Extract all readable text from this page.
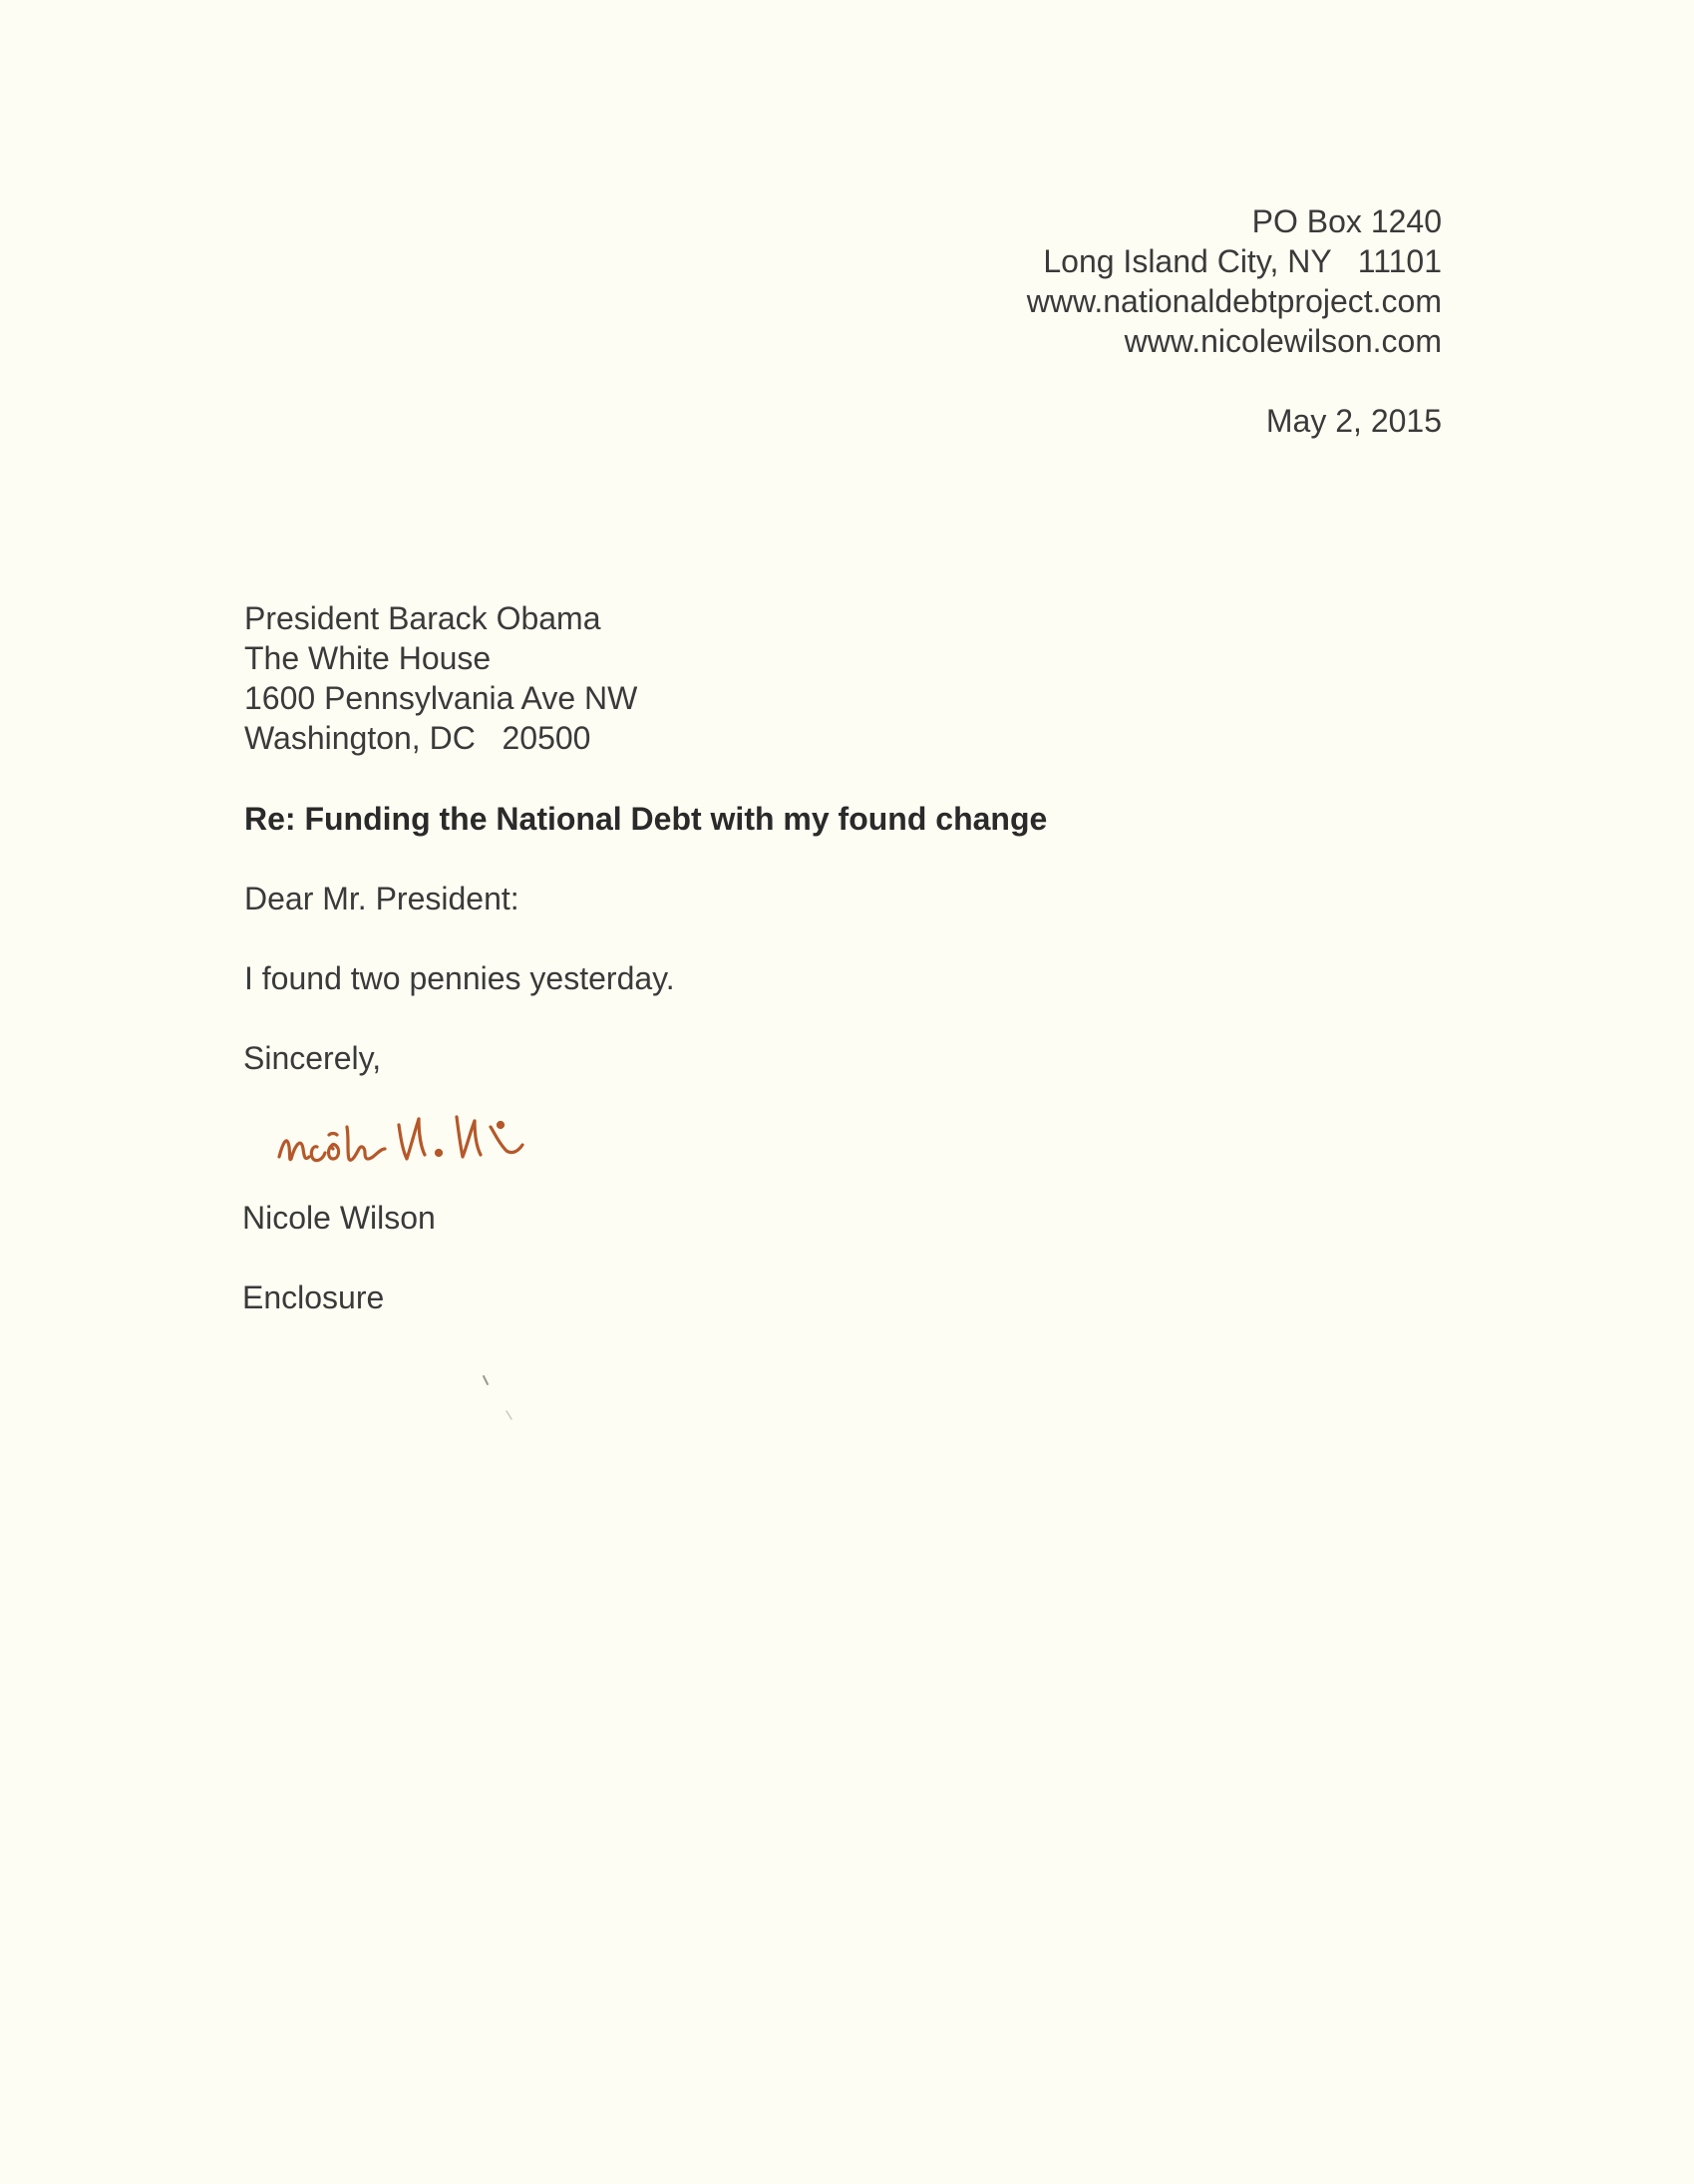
PO Box 1240
Long Island City, NY   11101
www.nationaldebtproject.com
www.nicolewilson.com
May 2, 2015
President Barack Obama
The White House
1600 Pennsylvania Ave NW
Washington, DC   20500
Re: Funding the National Debt with my found change
Dear Mr. President:
I found two pennies yesterday.
Sincerely,
Nicole Wilson
Enclosure
